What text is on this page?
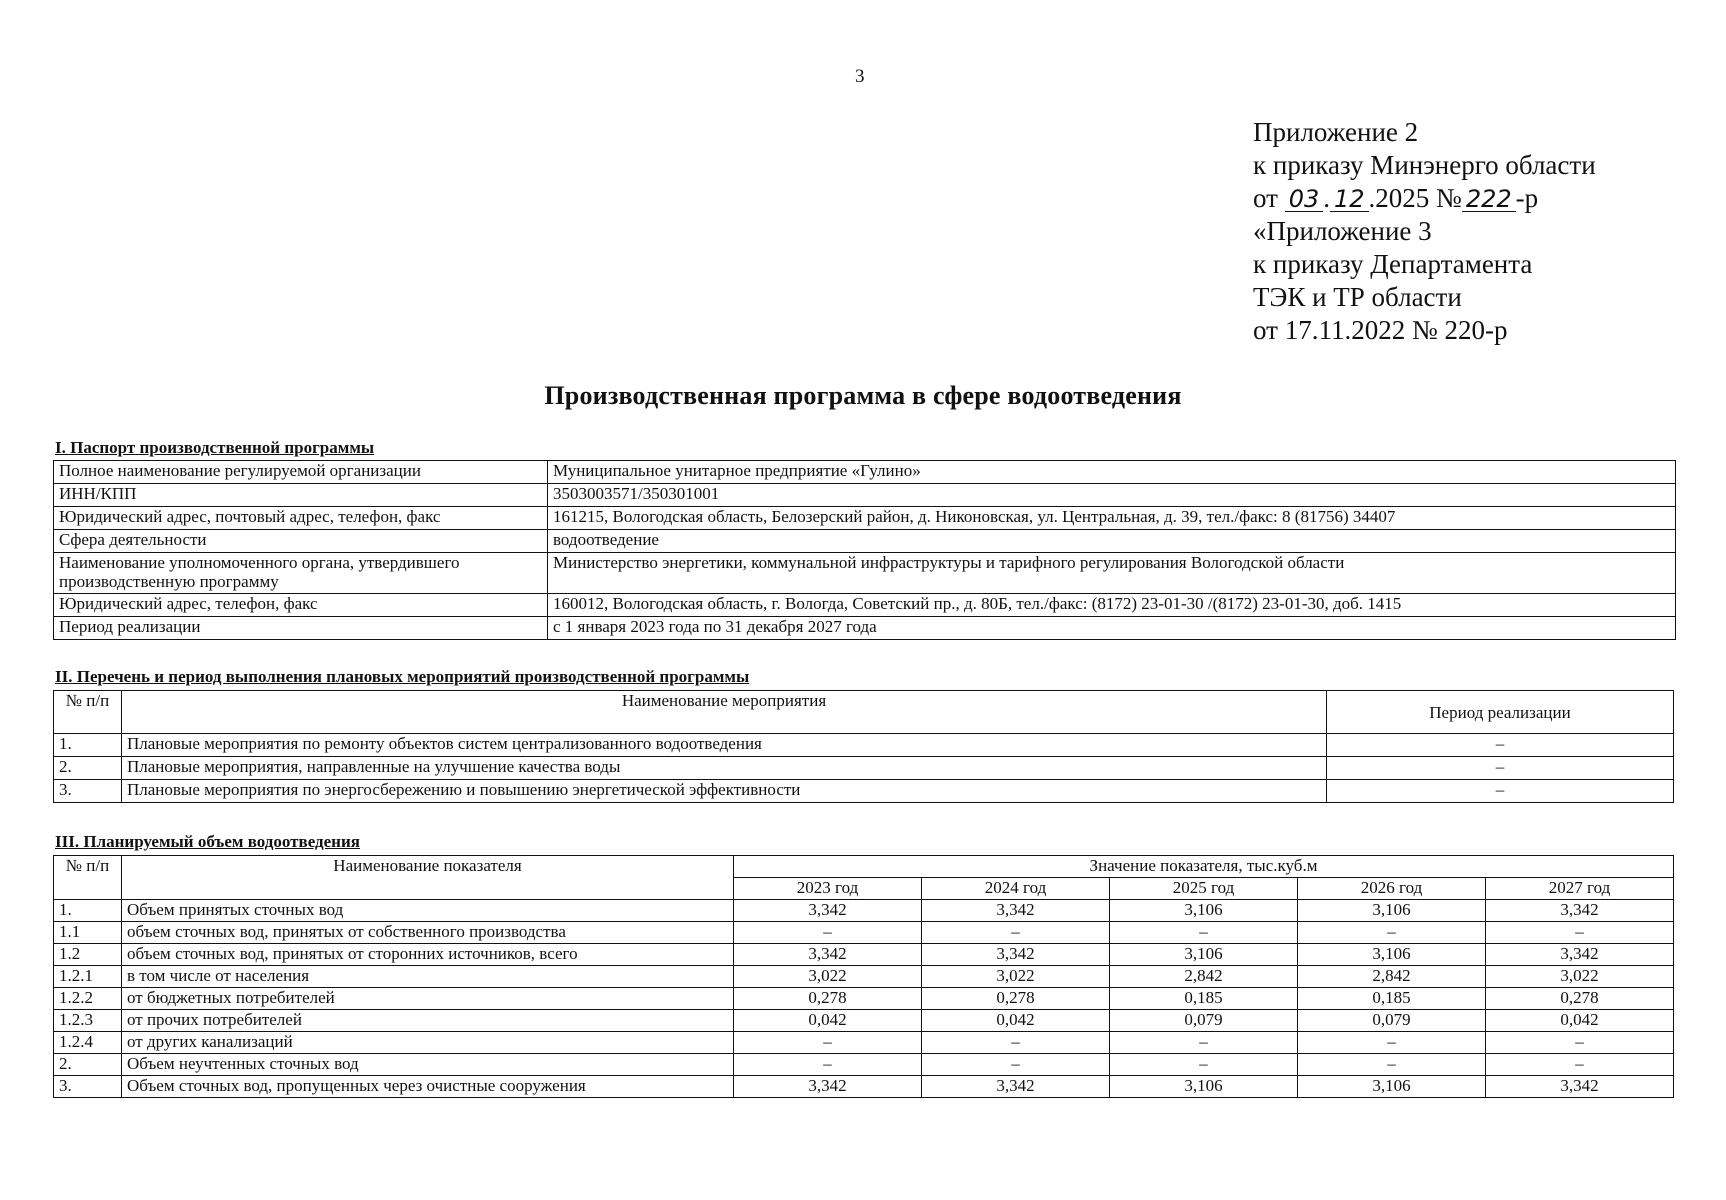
3
Приложение 2
к приказу Минэнерго области
от 03 . 12 .2025 № 222 -р
«Приложение 3
к приказу Департамента
ТЭК и ТР области
от 17.11.2022 № 220-р
Производственная программа в сфере водоотведения
I. Паспорт производственной программы
Полное наименование регулируемой организации	Муниципальное унитарное предприятие «Гулино»
ИНН/КПП	3503003571/350301001
Юридический адрес, почтовый адрес, телефон, факс	161215, Вологодская область, Белозерский район, д. Никоновская, ул. Центральная, д. 39, тел./факс: 8 (81756) 34407
Сфера деятельности	водоотведение
Наименование уполномоченного органа, утвердившего производственную программу	Министерство энергетики, коммунальной инфраструктуры и тарифного регулирования Вологодской области
Юридический адрес, телефон, факс	160012, Вологодская область, г. Вологда, Советский пр., д. 80Б, тел./факс: (8172) 23-01-30 /(8172) 23-01-30, доб. 1415
Период реализации	с 1 января 2023 года по 31 декабря 2027 года
II. Перечень и период выполнения плановых мероприятий производственной программы
№ п/п	Наименование мероприятия	Период реализации
1.	Плановые мероприятия по ремонту объектов систем централизованного водоотведения	–
2.	Плановые мероприятия, направленные на улучшение качества воды	–
3.	Плановые мероприятия по энергосбережению и повышению энергетической эффективности	–
III. Планируемый объем водоотведения
№ п/п	Наименование показателя	Значение показателя, тыс.куб.м				
		2023 год	2024 год	2025 год	2026 год	2027 год
1.	Объем принятых сточных вод	3,342	3,342	3,106	3,106	3,342
1.1	объем сточных вод, принятых от собственного производства	–	–	–	–	–
1.2	объем сточных вод, принятых от сторонних источников, всего	3,342	3,342	3,106	3,106	3,342
1.2.1	в том числе от населения	3,022	3,022	2,842	2,842	3,022
1.2.2	от бюджетных потребителей	0,278	0,278	0,185	0,185	0,278
1.2.3	от прочих потребителей	0,042	0,042	0,079	0,079	0,042
1.2.4	от других канализаций	–	–	–	–	–
2.	Объем неучтенных сточных вод	–	–	–	–	–
3.	Объем сточных вод, пропущенных через очистные сооружения	3,342	3,342	3,106	3,106	3,342
